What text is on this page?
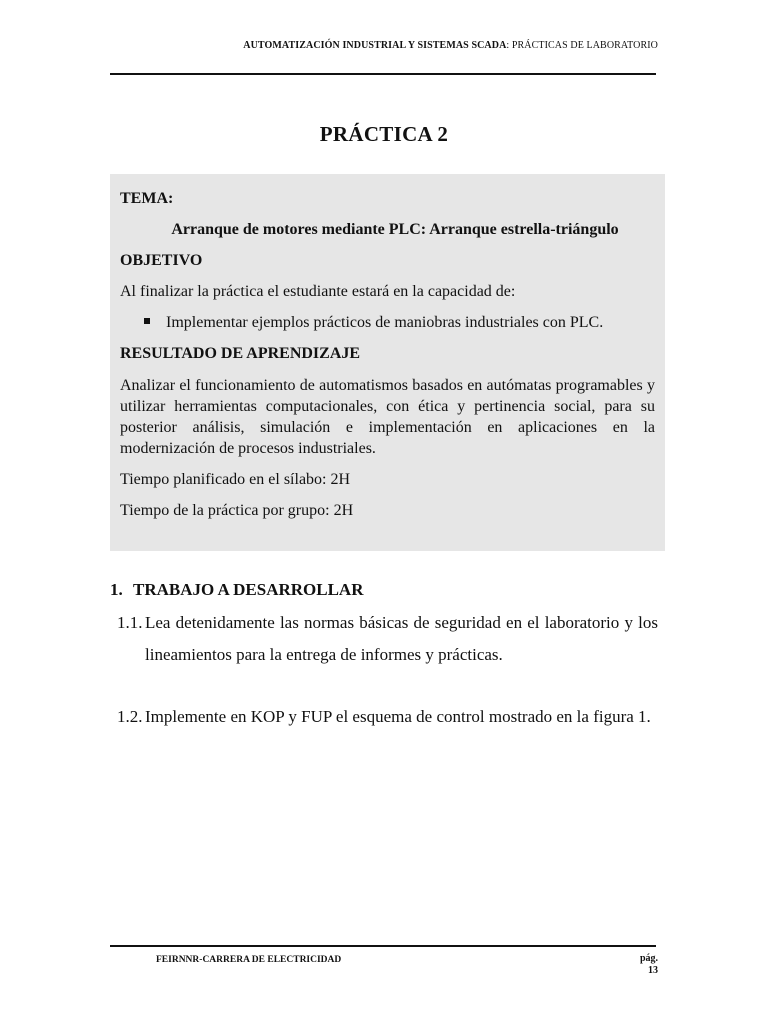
AUTOMATIZACIÓN INDUSTRIAL Y SISTEMAS SCADA: PRÁCTICAS DE LABORATORIO
PRÁCTICA 2
TEMA:
Arranque de motores mediante PLC: Arranque estrella-triángulo
OBJETIVO
Al finalizar la práctica el estudiante estará en la capacidad de:
Implementar ejemplos prácticos de maniobras industriales con PLC.
RESULTADO DE APRENDIZAJE
Analizar el funcionamiento de automatismos basados en autómatas programables y utilizar herramientas computacionales, con ética y pertinencia social, para su posterior análisis, simulación e implementación en aplicaciones en la modernización de procesos industriales.
Tiempo planificado en el sílabo: 2H
Tiempo de la práctica por grupo: 2H
1. TRABAJO A DESARROLLAR
1.1. Lea detenidamente las normas básicas de seguridad en el laboratorio y los lineamientos para la entrega de informes y prácticas.
1.2. Implemente en KOP y FUP el esquema de control mostrado en la figura 1.
FEIRNNR-CARRERA DE ELECTRICIDAD	pág.
13
